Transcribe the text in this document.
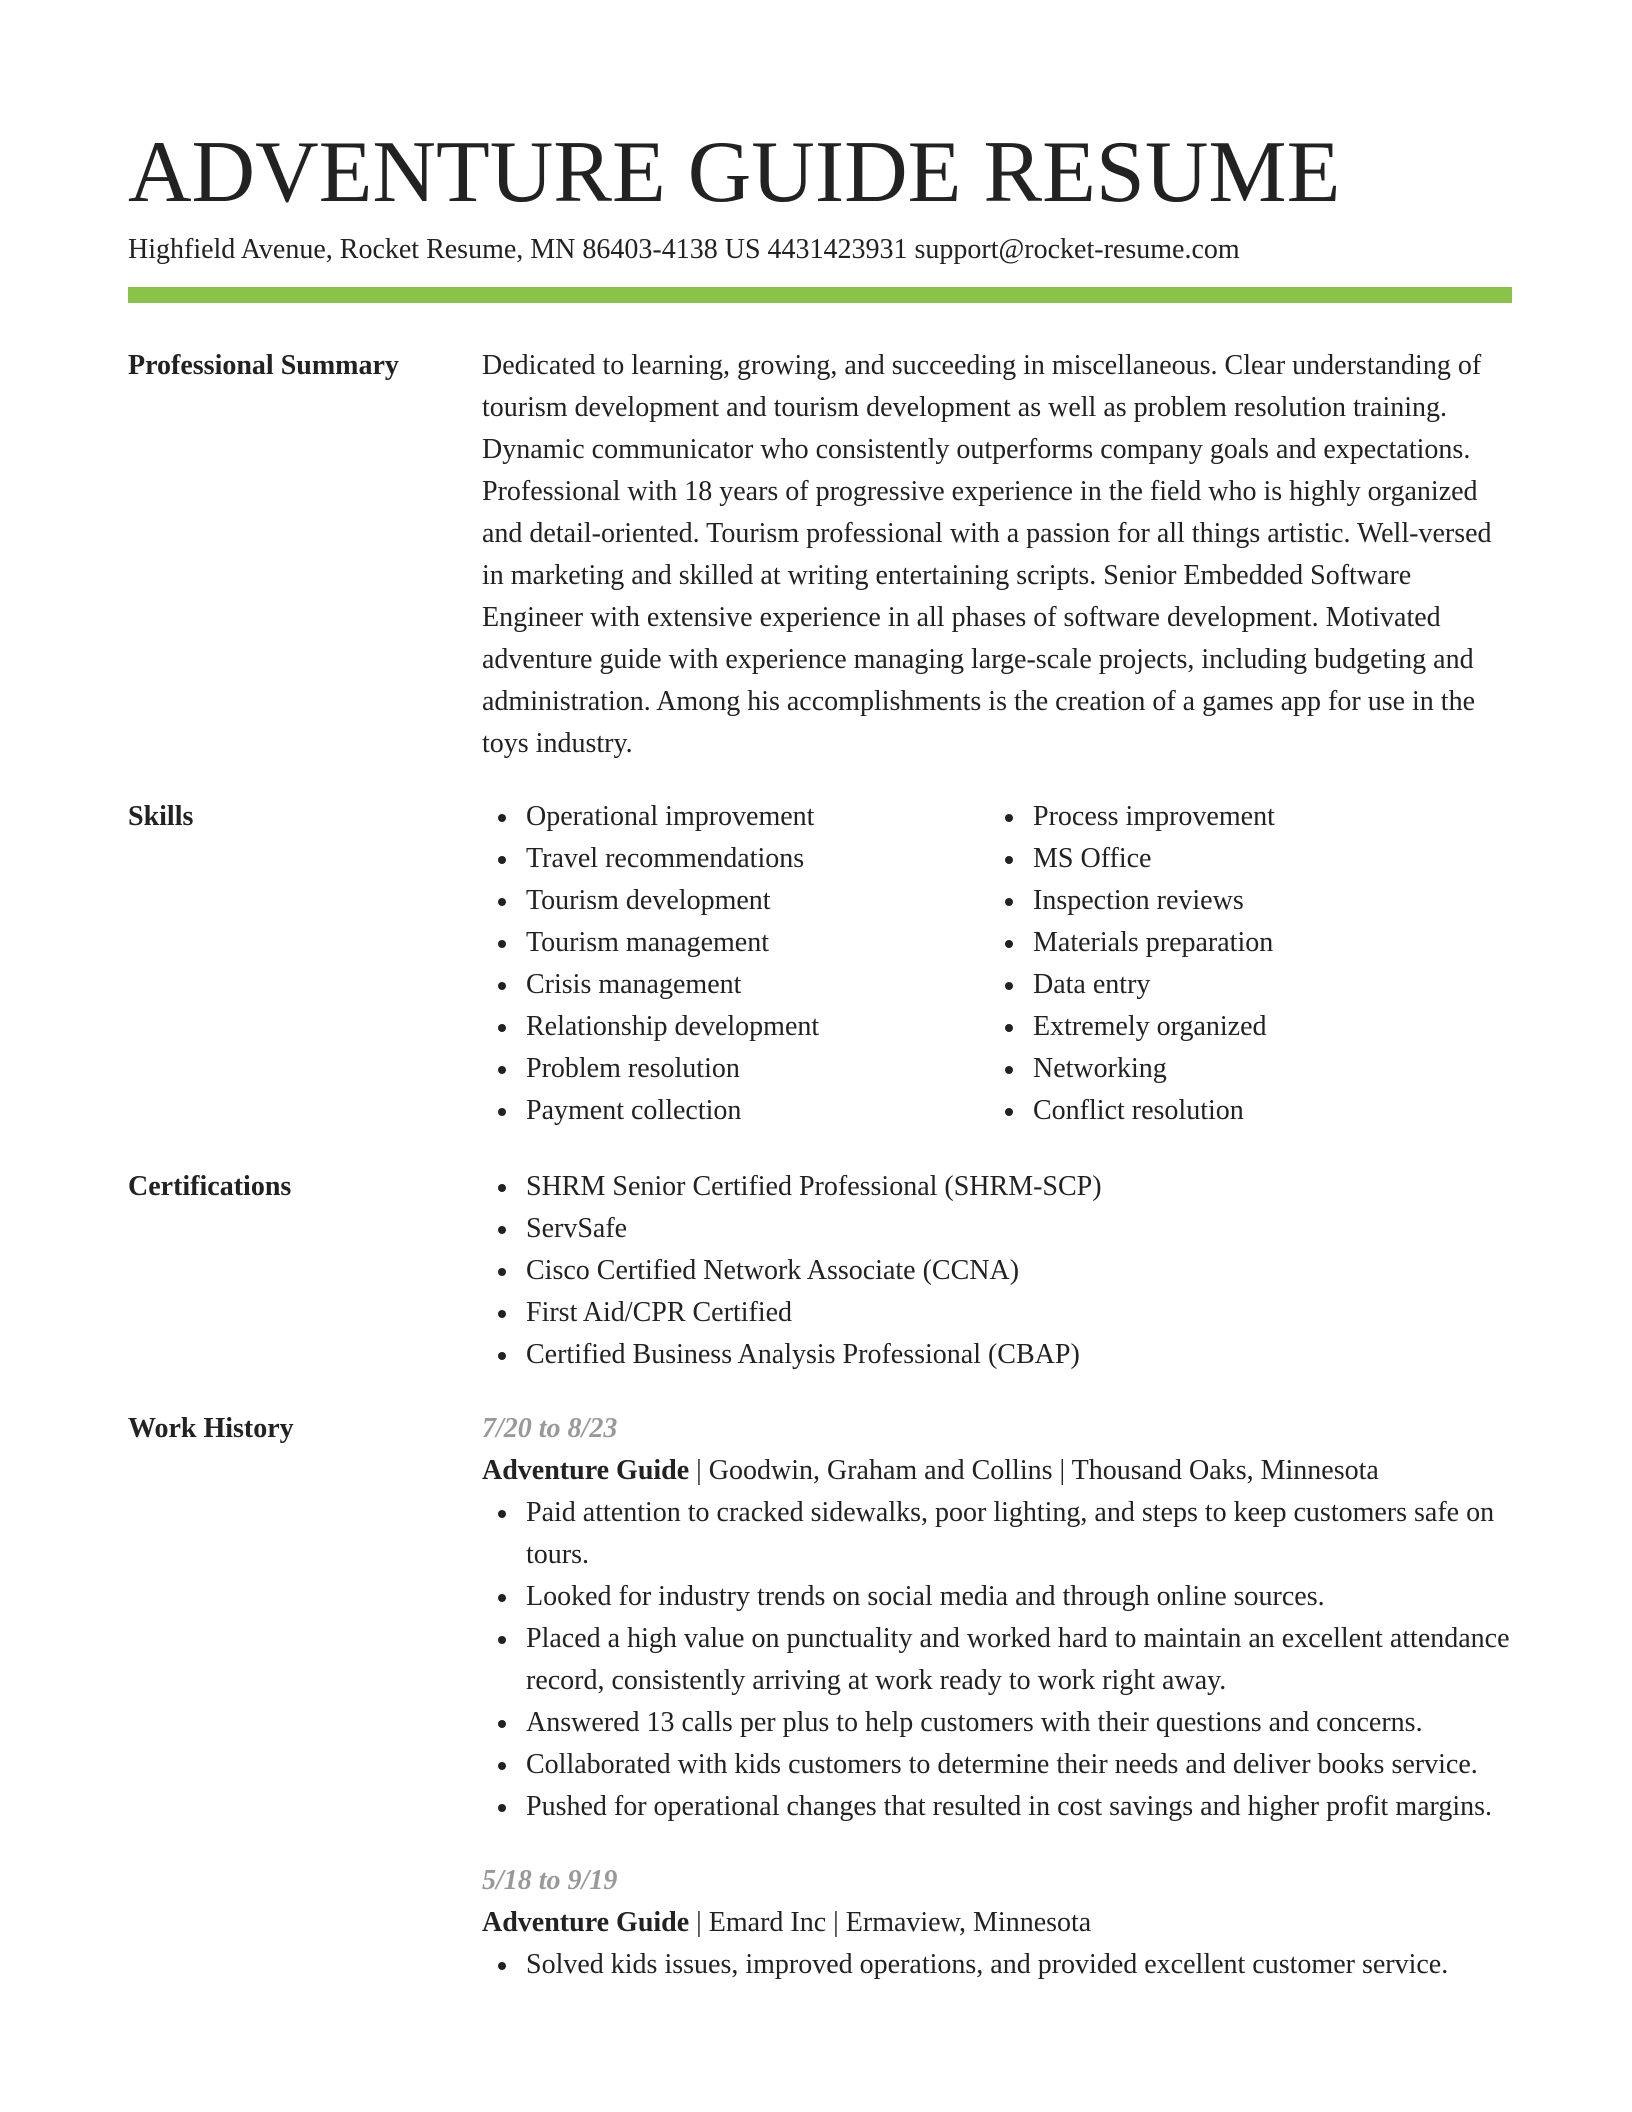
ADVENTURE GUIDE RESUME
Highfield Avenue, Rocket Resume, MN 86403-4138 US 4431423931 support@rocket-resume.com
Professional Summary	Dedicated to learning, growing, and succeeding in miscellaneous. Clear understanding of tourism development and tourism development as well as problem resolution training. Dynamic communicator who consistently outperforms company goals and expectations. Professional with 18 years of progressive experience in the field who is highly organized and detail-oriented. Tourism professional with a passion for all things artistic. Well-versed in marketing and skilled at writing entertaining scripts. Senior Embedded Software Engineer with extensive experience in all phases of software development. Motivated adventure guide with experience managing large-scale projects, including budgeting and administration. Among his accomplishments is the creation of a games app for use in the toys industry.

Skills	Operational improvement
Travel recommendations
Tourism development
Tourism management
Crisis management
Relationship development
Problem resolution
Payment collection
Process improvement
MS Office
Inspection reviews
Materials preparation
Data entry
Extremely organized
Networking
Conflict resolution
Certifications	SHRM Senior Certified Professional (SHRM-SCP)
ServSafe
Cisco Certified Network Associate (CCNA)
First Aid/CPR Certified
Certified Business Analysis Professional (CBAP)
Work History	7/20 to 8/23
Adventure Guide | Goodwin, Graham and Collins | Thousand Oaks, Minnesota
Paid attention to cracked sidewalks, poor lighting, and steps to keep customers safe on tours.
Looked for industry trends on social media and through online sources.
Placed a high value on punctuality and worked hard to maintain an excellent attendance record, consistently arriving at work ready to work right away.
Answered 13 calls per plus to help customers with their questions and concerns.
Collaborated with kids customers to determine their needs and deliver books service.
Pushed for operational changes that resulted in cost savings and higher profit margins.
5/18 to 9/19
Adventure Guide | Emard Inc | Ermaview, Minnesota
Solved kids issues, improved operations, and provided excellent customer service.
